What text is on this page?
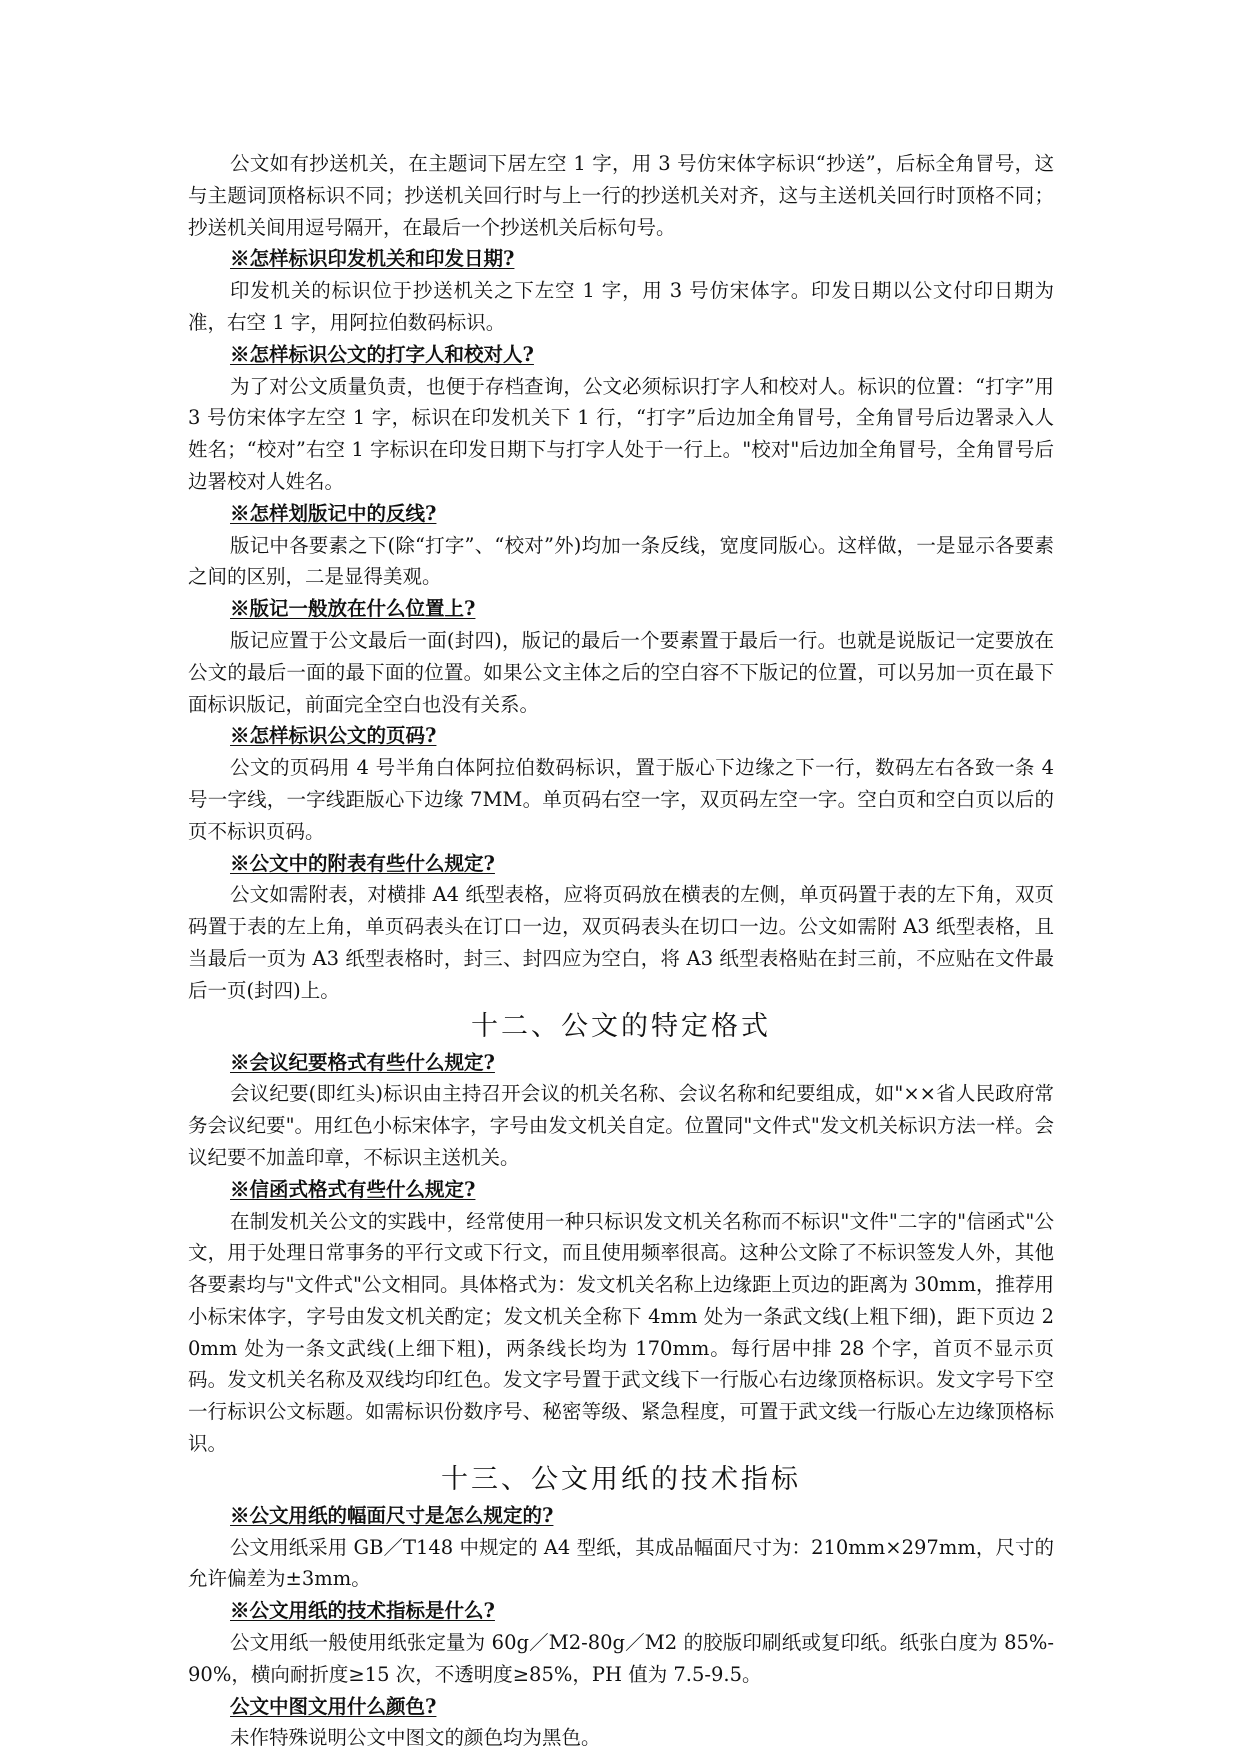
公文如有抄送机关，在主题词下居左空 1 字，用 3 号仿宋体字标识“抄送”，后标全角冒号，这与主题词顶格标识不同；抄送机关回行时与上一行的抄送机关对齐，这与主送机关回行时顶格不同；抄送机关间用逗号隔开，在最后一个抄送机关后标句号。

※怎样标识印发机关和印发日期?

印发机关的标识位于抄送机关之下左空 1 字，用 3 号仿宋体字。印发日期以公文付印日期为准，右空 1 字，用阿拉伯数码标识。

※怎样标识公文的打字人和校对人?

为了对公文质量负责，也便于存档查询，公文必须标识打字人和校对人。标识的位置：“打字”用 3 号仿宋体字左空 1 字，标识在印发机关下 1 行，“打字”后边加全角冒号，全角冒号后边署录入人姓名；“校对”右空 1 字标识在印发日期下与打字人处于一行上。"校对"后边加全角冒号，全角冒号后边署校对人姓名。

※怎样划版记中的反线?

版记中各要素之下(除“打字”、“校对”外)均加一条反线，宽度同版心。这样做，一是显示各要素之间的区别，二是显得美观。

※版记一般放在什么位置上?

版记应置于公文最后一面(封四)，版记的最后一个要素置于最后一行。也就是说版记一定要放在公文的最后一面的最下面的位置。如果公文主体之后的空白容不下版记的位置，可以另加一页在最下面标识版记，前面完全空白也没有关系。

※怎样标识公文的页码?

公文的页码用 4 号半角白体阿拉伯数码标识，置于版心下边缘之下一行，数码左右各致一条 4 号一字线，一字线距版心下边缘 7MM。单页码右空一字，双页码左空一字。空白页和空白页以后的页不标识页码。

※公文中的附表有些什么规定?

公文如需附表，对横排 A4 纸型表格，应将页码放在横表的左侧，单页码置于表的左下角，双页码置于表的左上角，单页码表头在订口一边，双页码表头在切口一边。公文如需附 A3 纸型表格，且当最后一页为 A3 纸型表格时，封三、封四应为空白，将 A3 纸型表格贴在封三前，不应贴在文件最后一页(封四)上。

十二、公文的特定格式

※会议纪要格式有些什么规定?

会议纪要(即红头)标识由主持召开会议的机关名称、会议名称和纪要组成，如"××省人民政府常务会议纪要"。用红色小标宋体字，字号由发文机关自定。位置同"文件式"发文机关标识方法一样。会议纪要不加盖印章，不标识主送机关。

※信函式格式有些什么规定?

在制发机关公文的实践中，经常使用一种只标识发文机关名称而不标识"文件"二字的"信函式"公文，用于处理日常事务的平行文或下行文，而且使用频率很高。这种公文除了不标识签发人外，其他各要素均与"文件式"公文相同。具体格式为：发文机关名称上边缘距上页边的距离为 30mm，推荐用小标宋体字，字号由发文机关酌定；发文机关全称下 4mm 处为一条武文线(上粗下细)，距下页边 20mm 处为一条文武线(上细下粗)，两条线长均为 170mm。每行居中排 28 个字，首页不显示页码。发文机关名称及双线均印红色。发文字号置于武文线下一行版心右边缘顶格标识。发文字号下空一行标识公文标题。如需标识份数序号、秘密等级、紧急程度，可置于武文线一行版心左边缘顶格标识。

十三、公文用纸的技术指标

※公文用纸的幅面尺寸是怎么规定的?

公文用纸采用 GB／T148 中规定的 A4 型纸，其成品幅面尺寸为：210mm×297mm，尺寸的允许偏差为±3mm。

※公文用纸的技术指标是什么?

公文用纸一般使用纸张定量为 60g／M2-80g／M2 的胶版印刷纸或复印纸。纸张白度为 85%-90%，横向耐折度≥15 次，不透明度≥85%，PH 值为 7.5-9.5。

公文中图文用什么颜色?

未作特殊说明公文中图文的颜色均为黑色。
